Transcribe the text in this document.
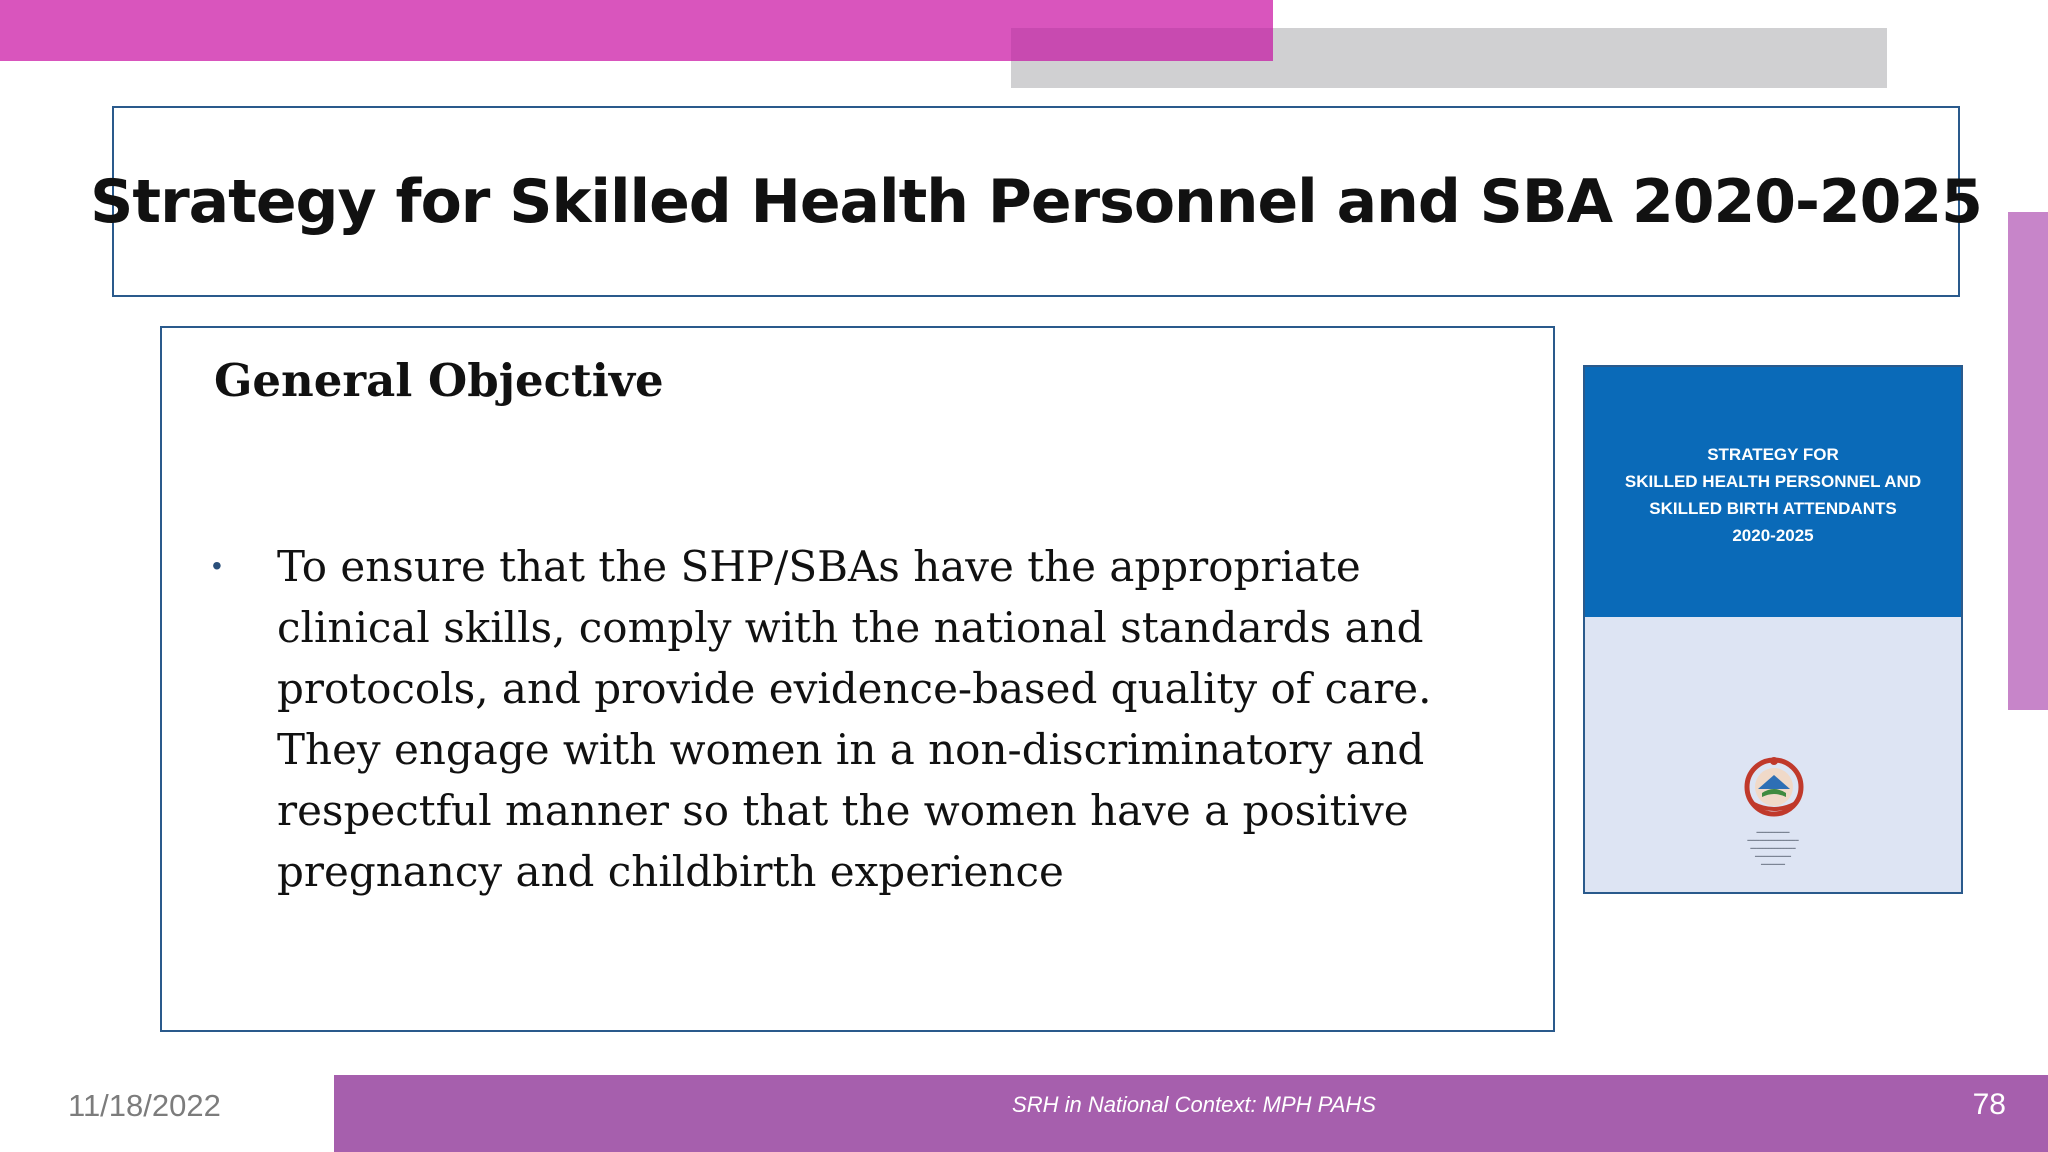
Strategy for Skilled Health Personnel and SBA 2020-2025
General Objective
• To ensure that the SHP/SBAs have the appropriate clinical skills, comply with the national standards and protocols, and provide evidence-based quality of care. They engage with women in a non-discriminatory and respectful manner so that the women have a positive pregnancy and childbirth experience
STRATEGY FOR
SKILLED HEALTH PERSONNEL AND
SKILLED BIRTH ATTENDANTS
2020-2025
━━━━━━━━━━━
━━━━━━━━━━━━━━━━━
━━━━━━━━━━━━━━━
━━━━━━━━━━━━
━━━━━━━━
11/18/2022	SRH in National Context: MPH PAHS	78
